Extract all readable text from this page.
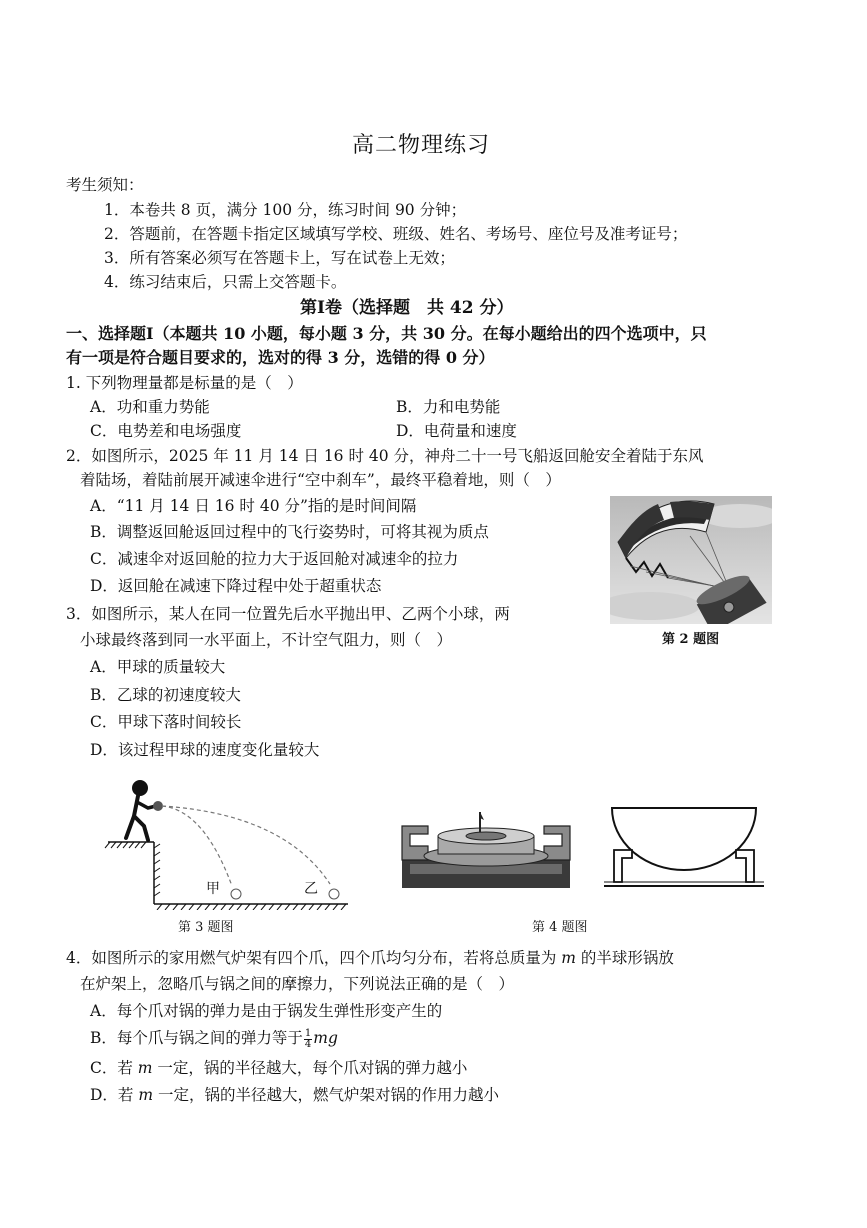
高二物理练习
考生须知：
1．本卷共 8 页，满分 100 分，练习时间 90 分钟；
2．答题前，在答题卡指定区域填写学校、班级、姓名、考场号、座位号及准考证号；
3．所有答案必须写在答题卡上，写在试卷上无效；
4．练习结束后，只需上交答题卡。
第Ⅰ卷（选择题　共 42 分）
一、选择题Ⅰ（本题共 10 小题，每小题 3 分，共 30 分。在每小题给出的四个选项中，只
有一项是符合题目要求的，选对的得 3 分，选错的得 0 分）
1. 下列物理量都是标量的是（　）
A．功和重力势能	B．力和电势能
C．电势差和电场强度	D．电荷量和速度
2．如图所示，2025 年 11 月 14 日 16 时 40 分，神舟二十一号飞船返回舱安全着陆于东风
着陆场，着陆前展开减速伞进行“空中刹车”，最终平稳着地，则（　）
A．“11 月 14 日 16 时 40 分”指的是时间间隔
B．调整返回舱返回过程中的飞行姿势时，可将其视为质点
C．减速伞对返回舱的拉力大于返回舱对减速伞的拉力
D．返回舱在减速下降过程中处于超重状态
第 2 题图
3．如图所示，某人在同一位置先后水平抛出甲、乙两个小球，两
小球最终落到同一水平面上，不计空气阻力，则（　）
A．甲球的质量较大
B．乙球的初速度较大
C．甲球下落时间较长
D．该过程甲球的速度变化量较大
甲	乙
第 3 题图	第 4 题图
4．如图所示的家用燃气炉架有四个爪，四个爪均匀分布，若将总质量为 m 的半球形锅放
在炉架上，忽略爪与锅之间的摩擦力，下列说法正确的是（　）
A．每个爪对锅的弹力是由于锅发生弹性形变产生的
B．每个爪与锅之间的弹力等于 $\frac{1}{4}$ mg
C．若 m 一定，锅的半径越大，每个爪对锅的弹力越小
D．若 m 一定，锅的半径越大，燃气炉架对锅的作用力越小
